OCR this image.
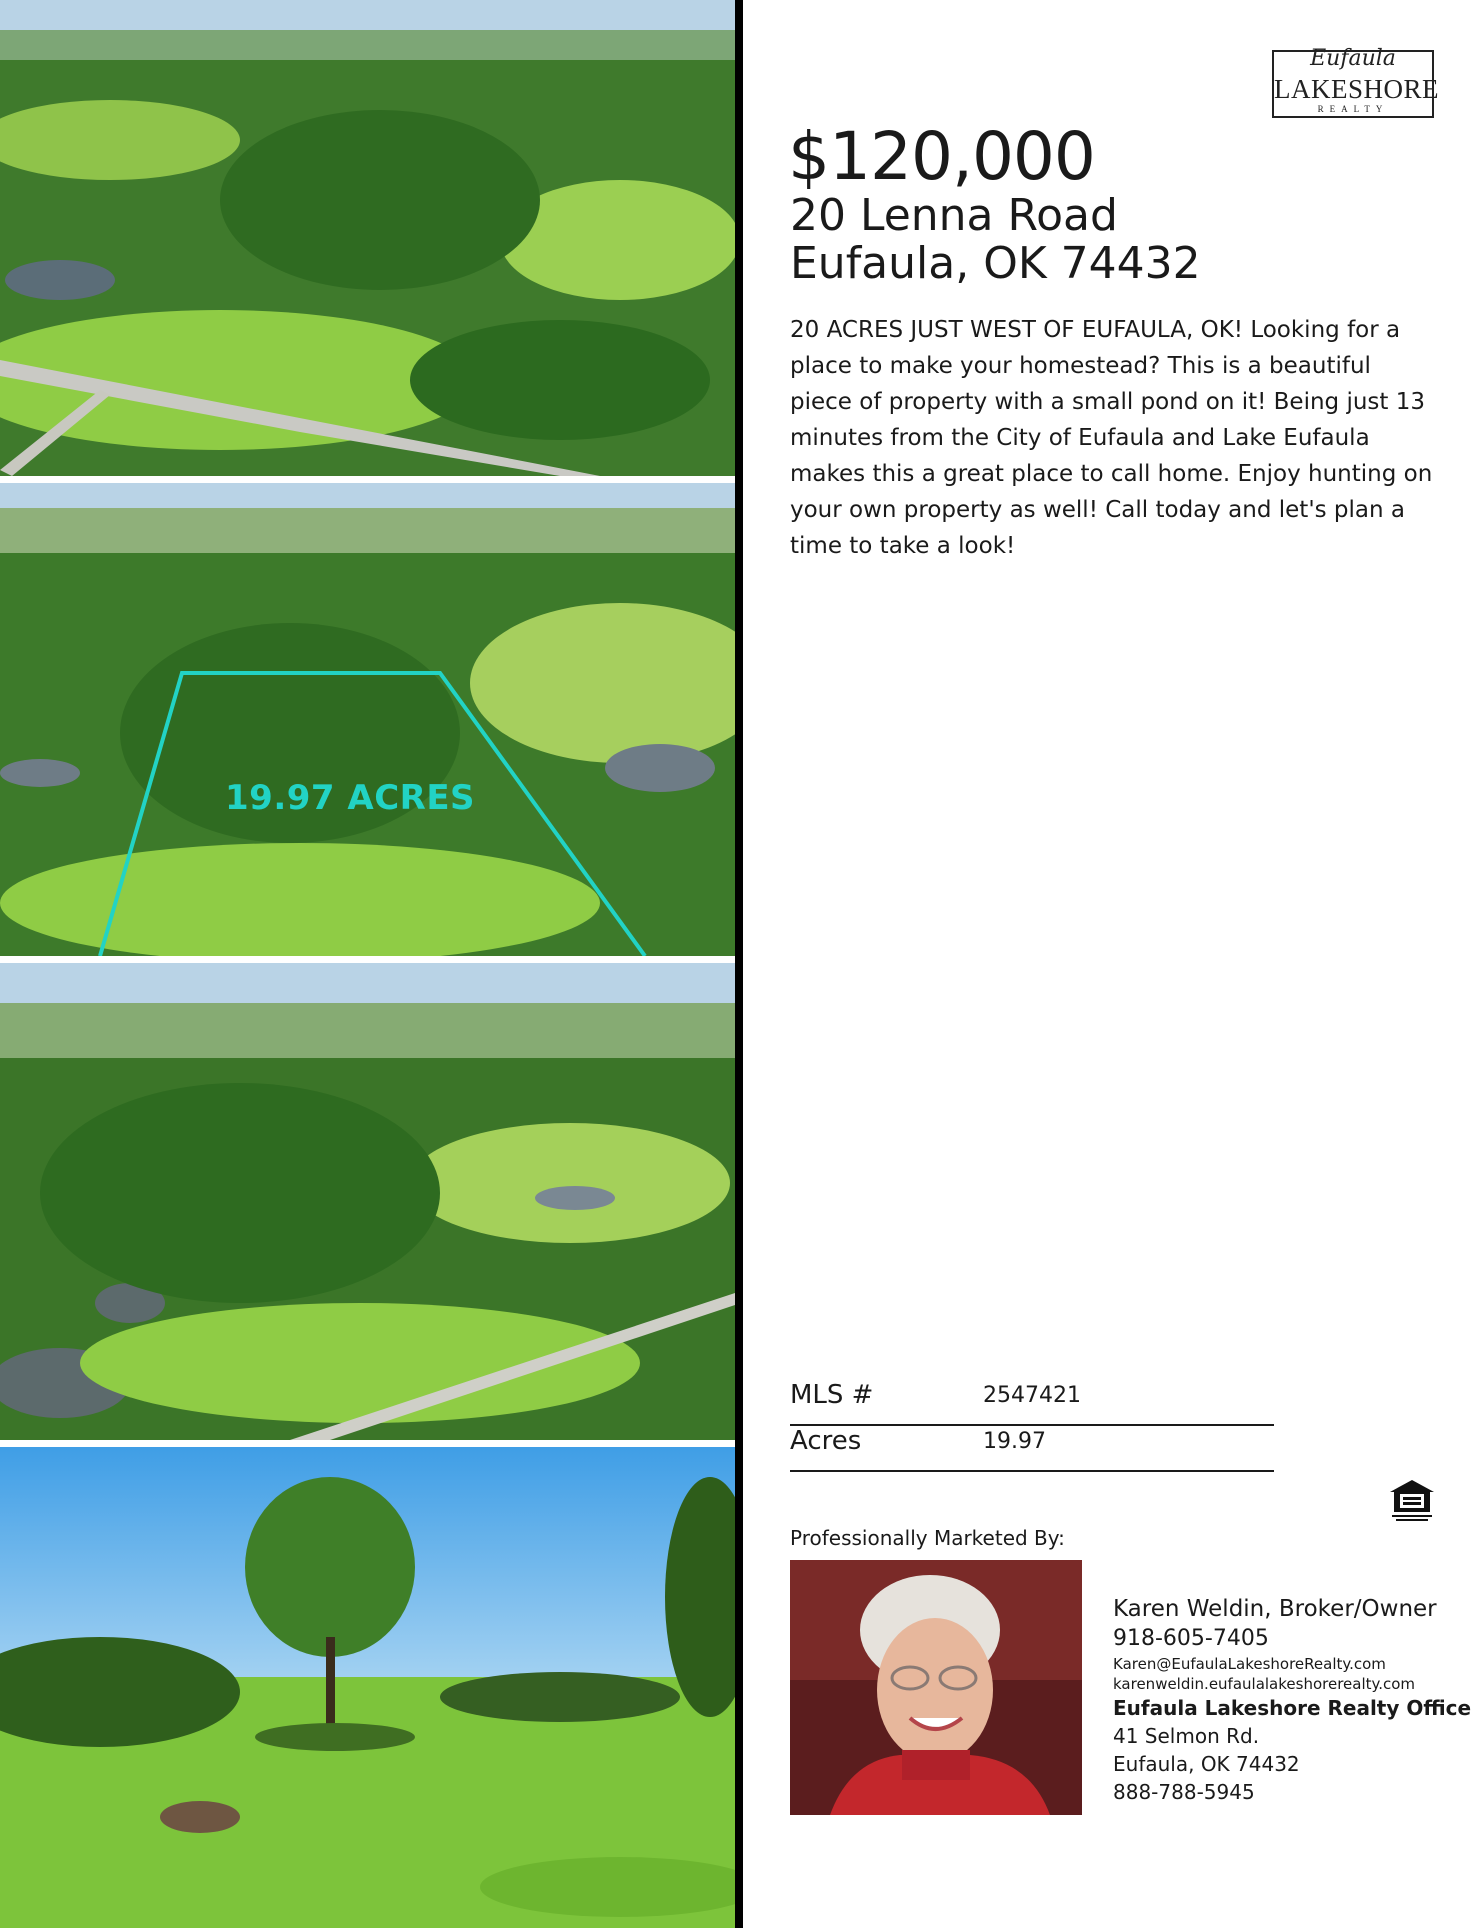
19.97 ACRES
Eufaula
LAKESHORE
REALTY
$120,000
20 Lenna Road
Eufaula, OK 74432
20 ACRES JUST WEST OF EUFAULA, OK! Looking for a place to make your homestead? This is a beautiful piece of property with a small pond on it! Being just 13 minutes from the City of Eufaula and Lake Eufaula makes this a great place to call home. Enjoy hunting on your own property as well! Call today and let's plan a time to take a look!
MLS #	2547421
Acres	19.97
Professionally Marketed By:
Karen Weldin, Broker/Owner
918-605-7405
Karen@EufaulaLakeshoreRealty.com
karenweldin.eufaulalakeshorerealty.com
Eufaula Lakeshore Realty Office
41 Selmon Rd.
Eufaula, OK 74432
888-788-5945
